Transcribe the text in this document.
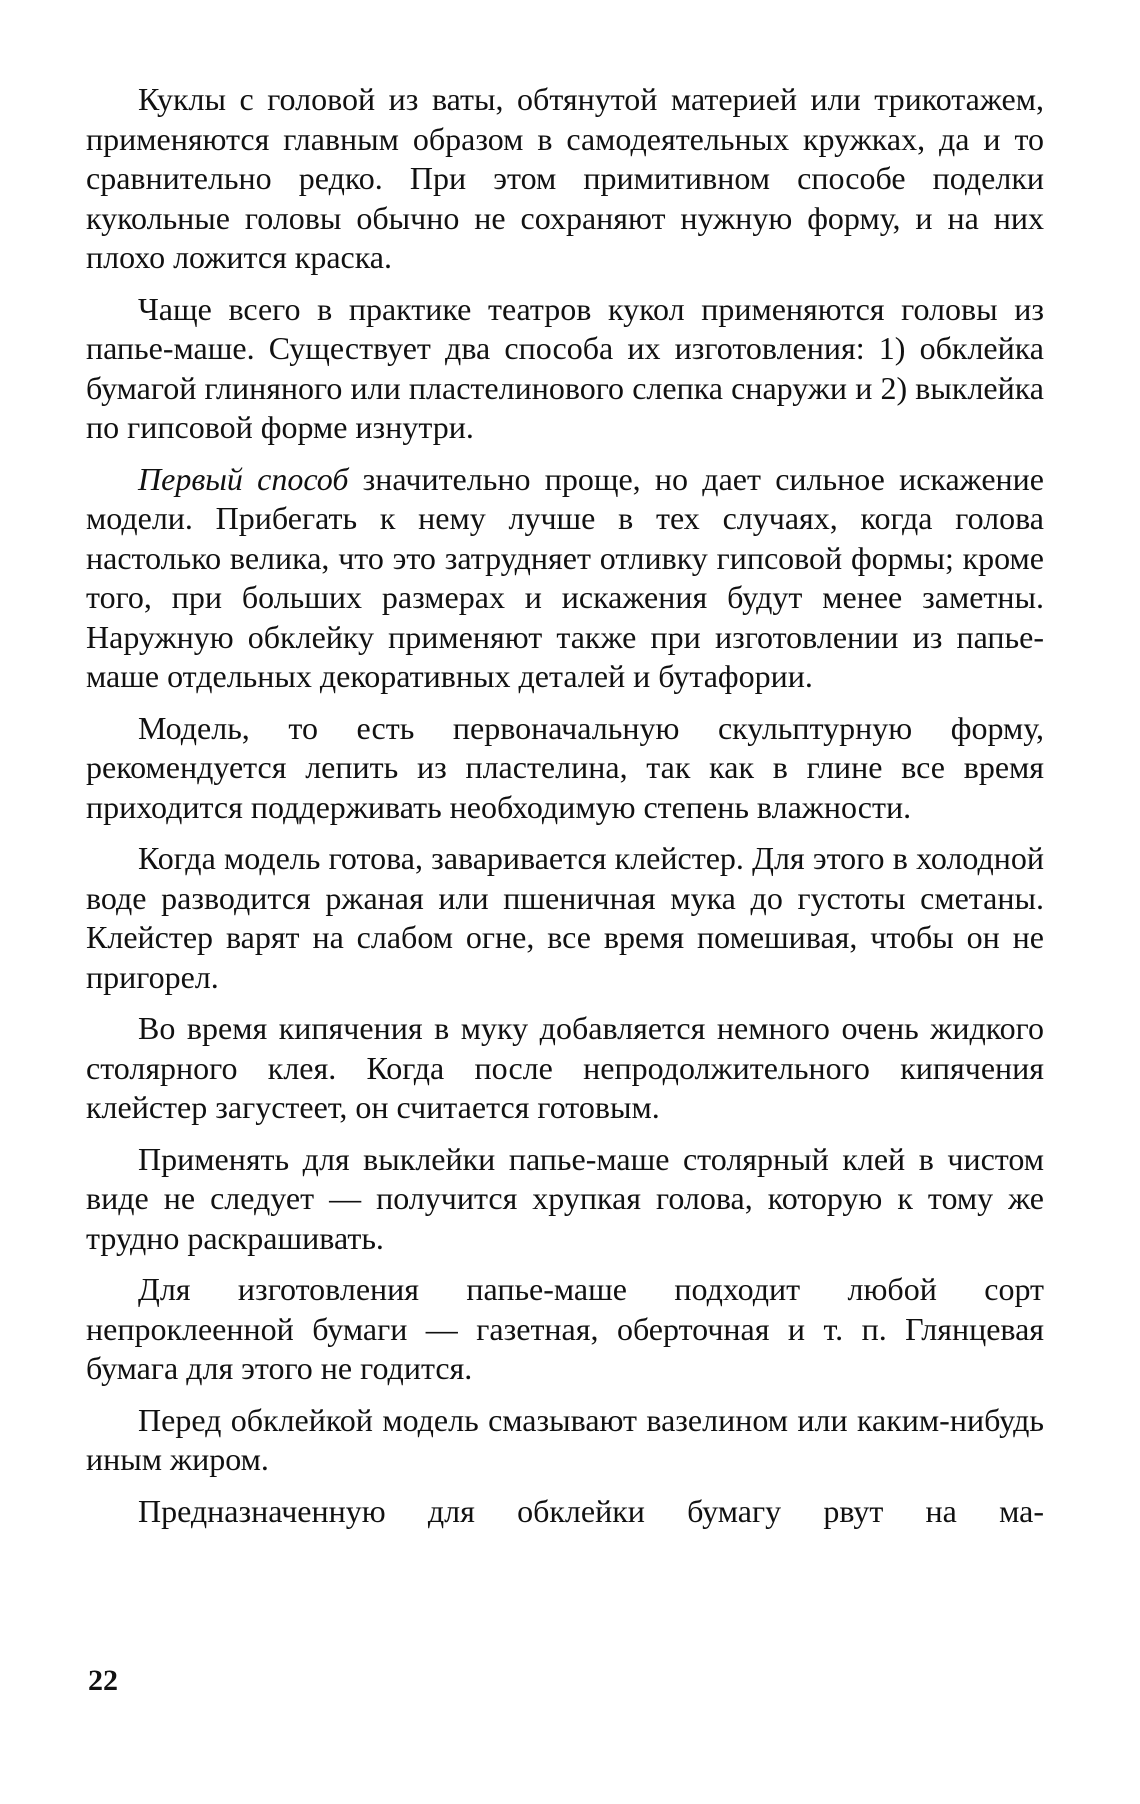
Куклы с головой из ваты, обтянутой материей или трикотажем, применяются главным образом в самодеятельных кружках, да и то сравнительно редко. При этом примитивном способе поделки кукольные головы обычно не сохраняют нужную форму, и на них плохо ложится краска.

Чаще всего в практике театров кукол применяются головы из папье-маше. Существует два способа их изготовления: 1) обклейка бумагой глиняного или пластелинового слепка снаружи и 2) выклейка по гипсовой форме изнутри.

Первый способ значительно проще, но дает сильное искажение модели. Прибегать к нему лучше в тех случаях, когда голова настолько велика, что это затрудняет отливку гипсовой формы; кроме того, при больших размерах и искажения будут менее заметны. Наружную обклейку применяют также при изготовлении из папье-маше отдельных декоративных деталей и бутафории.

Модель, то есть первоначальную скульптурную форму, рекомендуется лепить из пластелина, так как в глине все время приходится поддерживать необходимую степень влажности.

Когда модель готова, заваривается клейстер. Для этого в холодной воде разводится ржаная или пшеничная мука до густоты сметаны. Клейстер варят на слабом огне, все время помешивая, чтобы он не пригорел.

Во время кипячения в муку добавляется немного очень жидкого столярного клея. Когда после непродолжительного кипячения клейстер загустеет, он считается готовым.

Применять для выклейки папье-маше столярный клей в чистом виде не следует — получится хрупкая голова, которую к тому же трудно раскрашивать.

Для изготовления папье-маше подходит любой сорт непроклеенной бумаги — газетная, оберточная и т. п. Глянцевая бумага для этого не годится.

Перед обклейкой модель смазывают вазелином или каким-нибудь иным жиром.

Предназначенную для обклейки бумагу рвут на ма-

22
